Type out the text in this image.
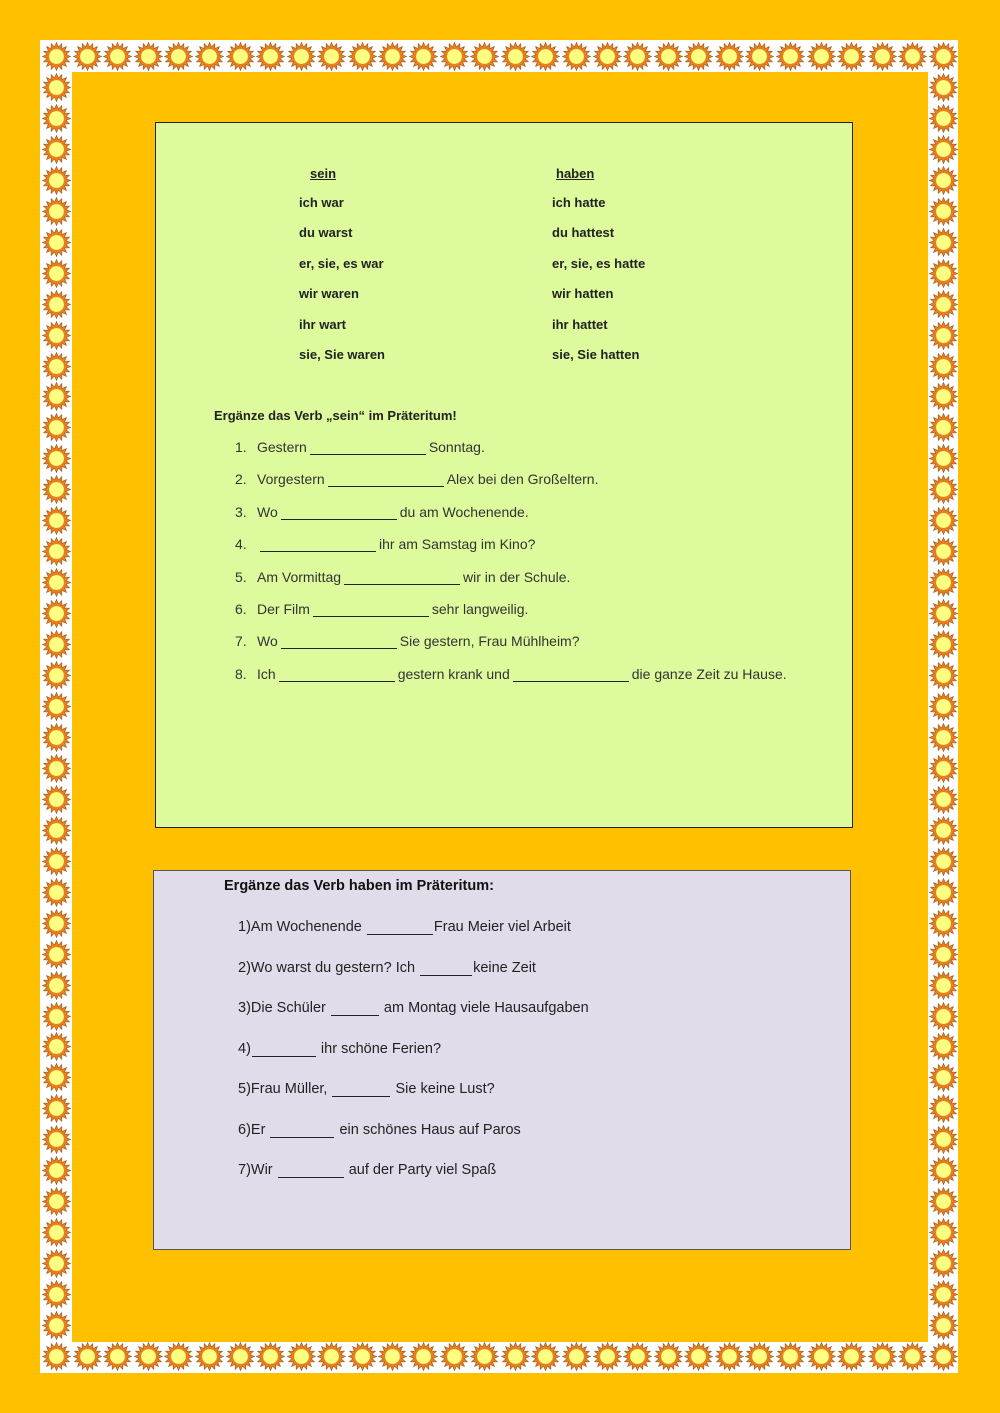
sein	haben
ich war	ich hatte
du warst	du hattest
er, sie, es war	er, sie, es hatte
wir waren	wir hatten
ihr wart	ihr hattet
sie, Sie waren	sie, Sie hatten
Ergänze das Verb „sein“ im Präteritum!
1. Gestern	Sonntag.
2. Vorgestern	Alex bei den Großeltern.
3. Wo	du am Wochenende.
4.	ihr am Samstag im Kino?
5. Am Vormittag	wir in der Schule.
6. Der Film	sehr langweilig.
7. Wo	Sie gestern, Frau Mühlheim?
8. Ich	gestern krank und	die ganze Zeit zu Hause.
Ergänze das Verb haben im Präteritum:
1)Am Wochenende	Frau Meier viel Arbeit
2)Wo warst du gestern? Ich	keine Zeit
3)Die Schüler	am Montag viele Hausaufgaben
4)	ihr schöne Ferien?
5)Frau Müller,	Sie keine Lust?
6)Er	ein schönes Haus auf Paros
7)Wir	auf der Party viel Spaß
